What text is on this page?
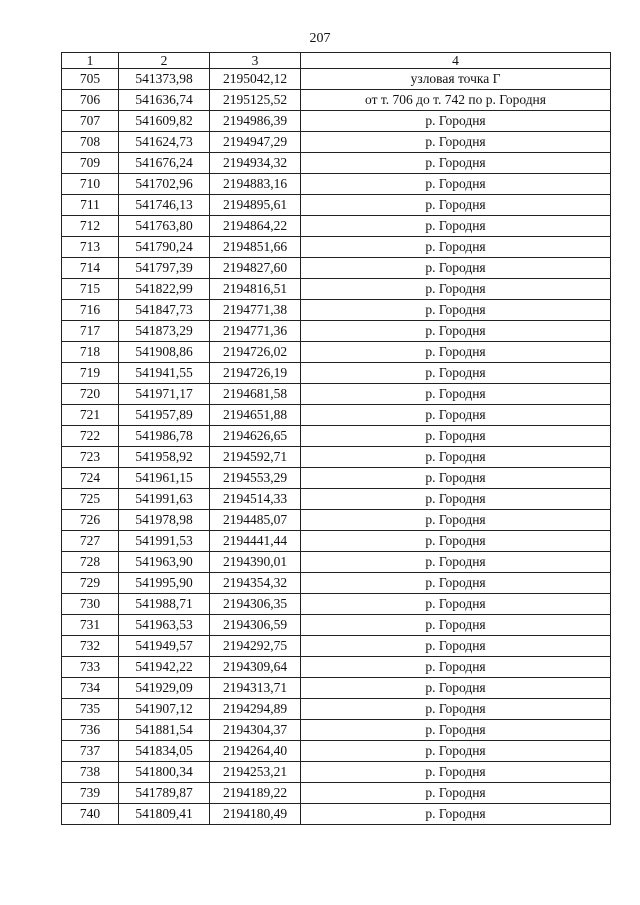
207
1	2	3	4
705	541373,98	2195042,12	узловая точка Г
706	541636,74	2195125,52	от т. 706 до т. 742 по р. Городня
707	541609,82	2194986,39	р. Городня
708	541624,73	2194947,29	р. Городня
709	541676,24	2194934,32	р. Городня
710	541702,96	2194883,16	р. Городня
711	541746,13	2194895,61	р. Городня
712	541763,80	2194864,22	р. Городня
713	541790,24	2194851,66	р. Городня
714	541797,39	2194827,60	р. Городня
715	541822,99	2194816,51	р. Городня
716	541847,73	2194771,38	р. Городня
717	541873,29	2194771,36	р. Городня
718	541908,86	2194726,02	р. Городня
719	541941,55	2194726,19	р. Городня
720	541971,17	2194681,58	р. Городня
721	541957,89	2194651,88	р. Городня
722	541986,78	2194626,65	р. Городня
723	541958,92	2194592,71	р. Городня
724	541961,15	2194553,29	р. Городня
725	541991,63	2194514,33	р. Городня
726	541978,98	2194485,07	р. Городня
727	541991,53	2194441,44	р. Городня
728	541963,90	2194390,01	р. Городня
729	541995,90	2194354,32	р. Городня
730	541988,71	2194306,35	р. Городня
731	541963,53	2194306,59	р. Городня
732	541949,57	2194292,75	р. Городня
733	541942,22	2194309,64	р. Городня
734	541929,09	2194313,71	р. Городня
735	541907,12	2194294,89	р. Городня
736	541881,54	2194304,37	р. Городня
737	541834,05	2194264,40	р. Городня
738	541800,34	2194253,21	р. Городня
739	541789,87	2194189,22	р. Городня
740	541809,41	2194180,49	р. Городня
